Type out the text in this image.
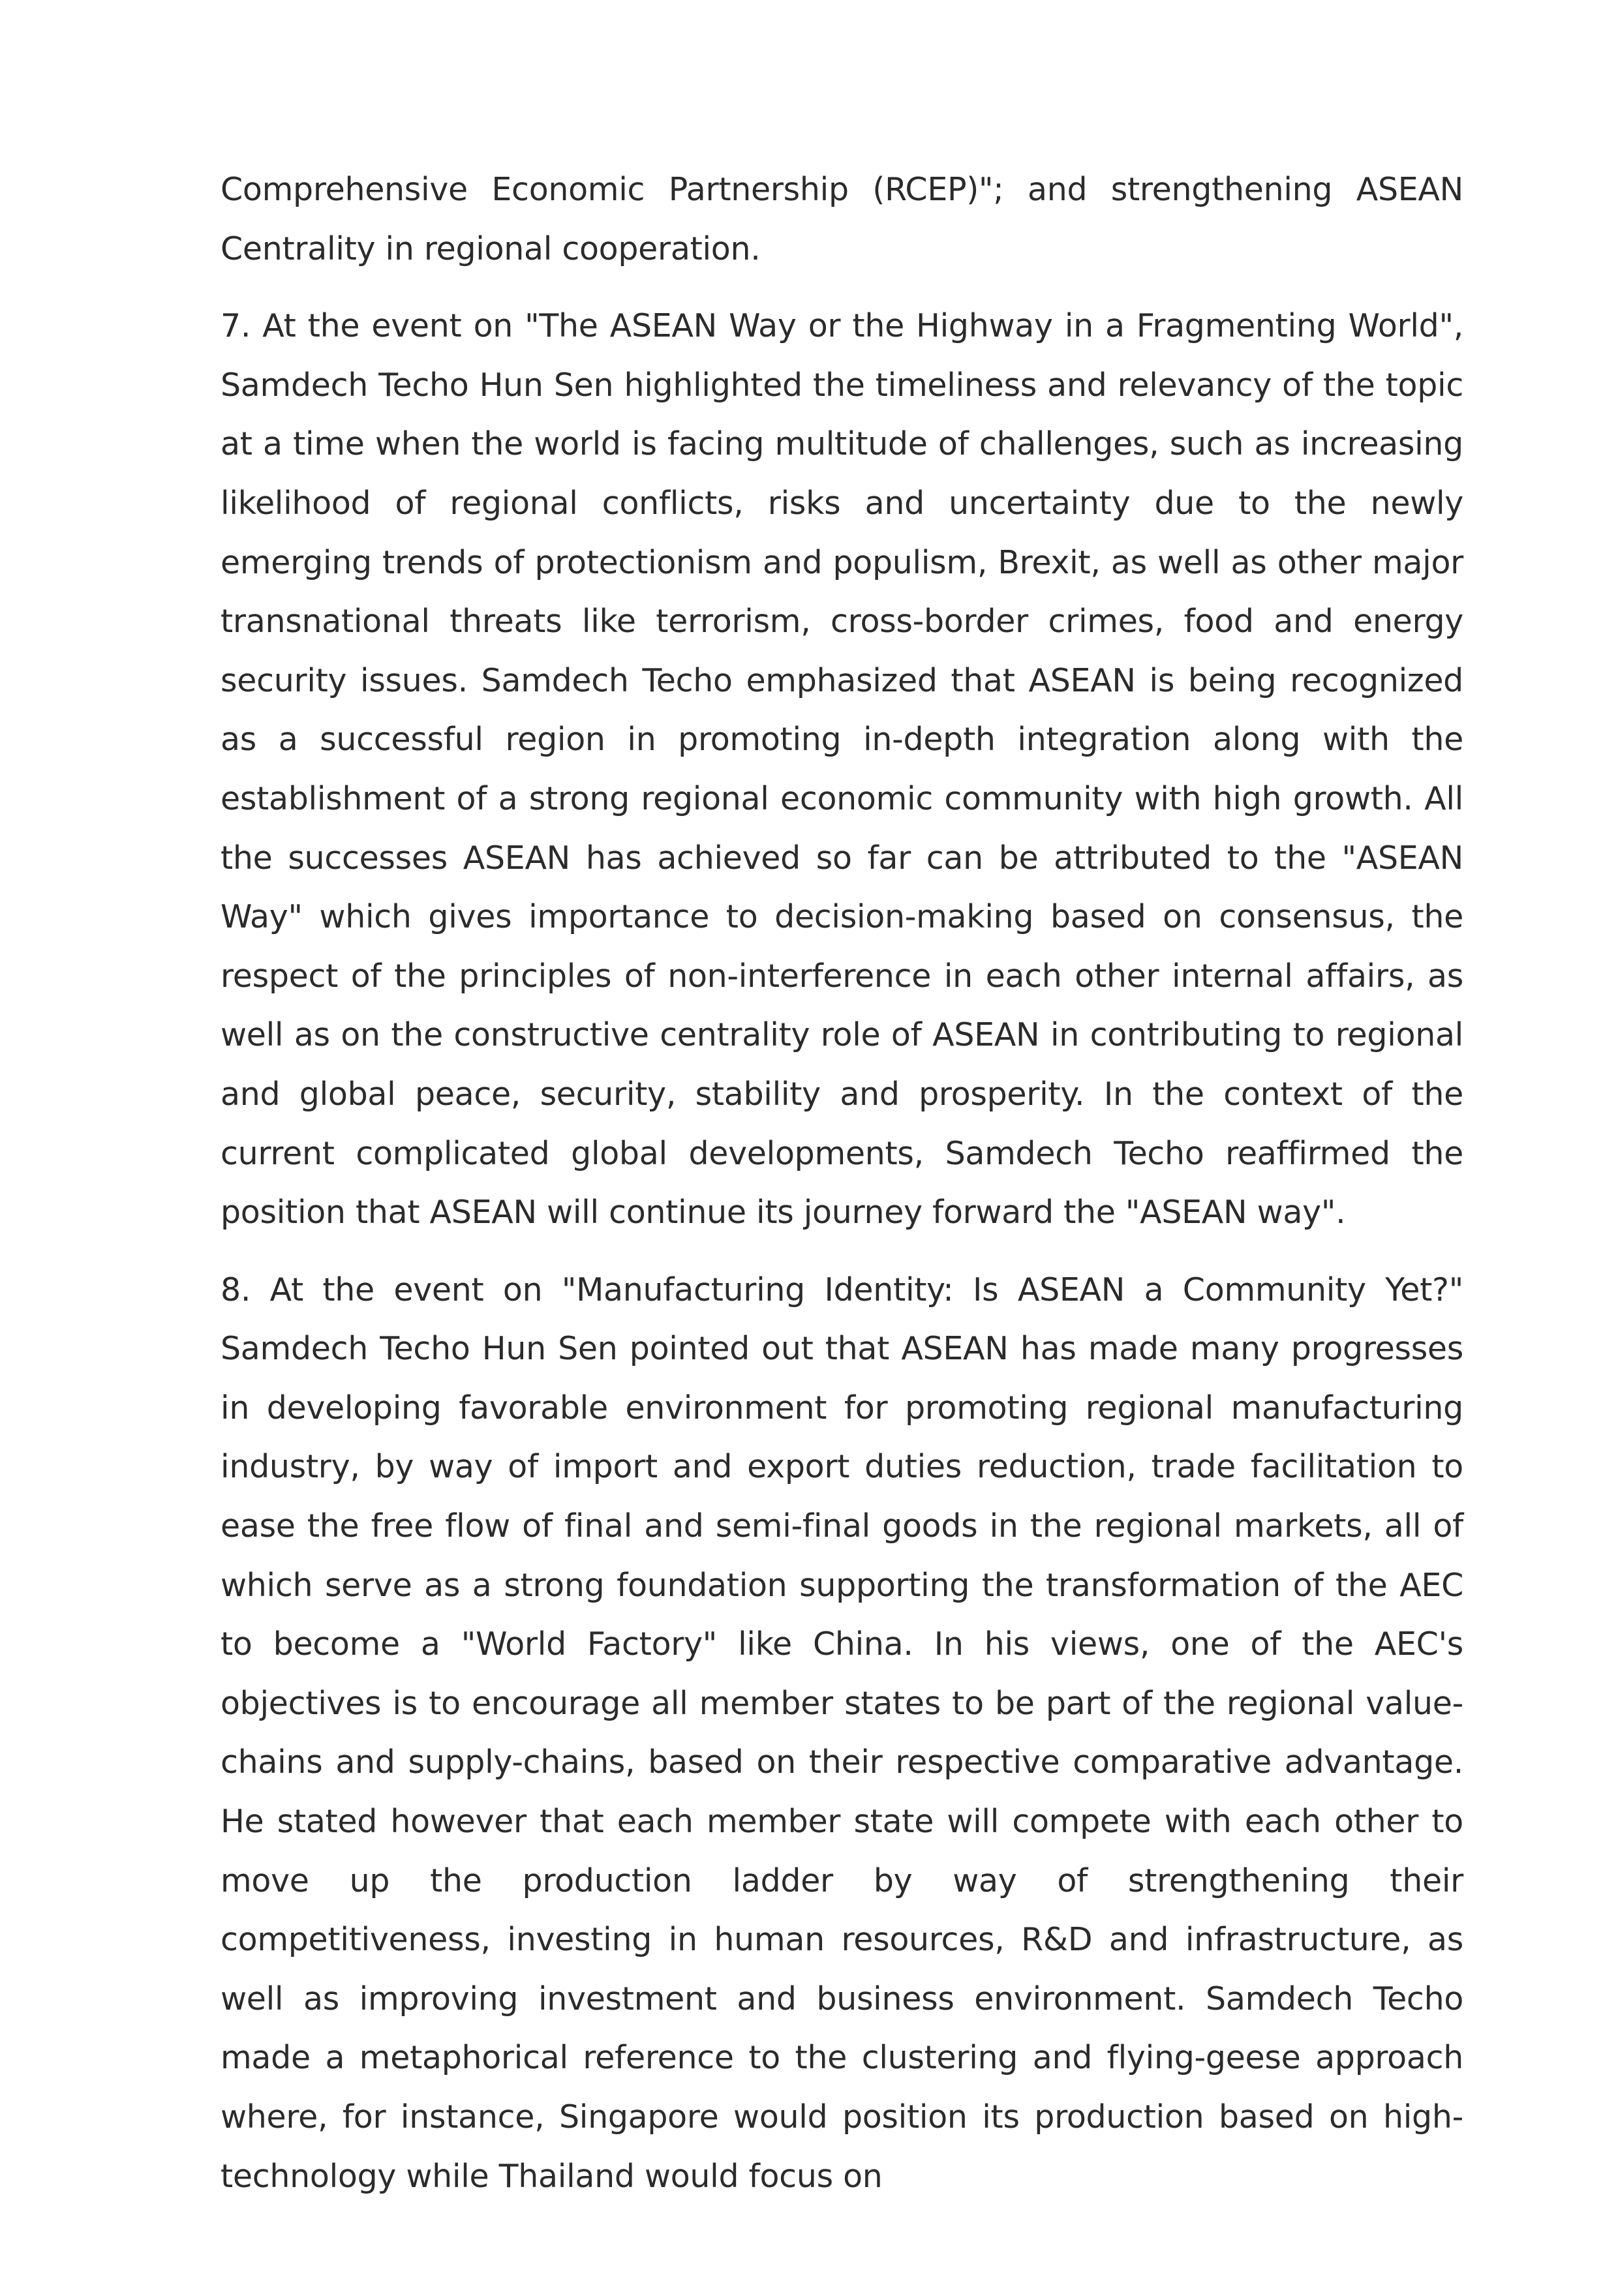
Comprehensive Economic Partnership (RCEP)"; and strengthening ASEAN Centrality in regional cooperation.

7. At the event on "The ASEAN Way or the Highway in a Fragmenting World", Samdech Techo Hun Sen highlighted the timeliness and relevancy of the topic at a time when the world is facing multitude of challenges, such as increasing likelihood of regional conflicts, risks and uncertainty due to the newly emerging trends of protectionism and populism, Brexit, as well as other major transnational threats like terrorism, cross-border crimes, food and energy security issues. Samdech Techo emphasized that ASEAN is being recognized as a successful region in promoting in-depth integration along with the establishment of a strong regional economic community with high growth. All the successes ASEAN has achieved so far can be attributed to the "ASEAN Way" which gives importance to decision-making based on consensus, the respect of the principles of non-interference in each other internal affairs, as well as on the constructive centrality role of ASEAN in contributing to regional and global peace, security, stability and prosperity. In the context of the current complicated global developments, Samdech Techo reaffirmed the position that ASEAN will continue its journey forward the "ASEAN way".

8. At the event on "Manufacturing Identity: Is ASEAN a Community Yet?" Samdech Techo Hun Sen pointed out that ASEAN has made many progresses in developing favorable environment for promoting regional manufacturing industry, by way of import and export duties reduction, trade facilitation to ease the free flow of final and semi-final goods in the regional markets, all of which serve as a strong foundation supporting the transformation of the AEC to become a "World Factory" like China. In his views, one of the AEC's objectives is to encourage all member states to be part of the regional value-chains and supply-chains, based on their respective comparative advantage. He stated however that each member state will compete with each other to move up the production ladder by way of strengthening their competitiveness, investing in human resources, R&D and infrastructure, as well as improving investment and business environment. Samdech Techo made a metaphorical reference to the clustering and flying-geese approach where, for instance, Singapore would position its production based on high-technology while Thailand would focus on
